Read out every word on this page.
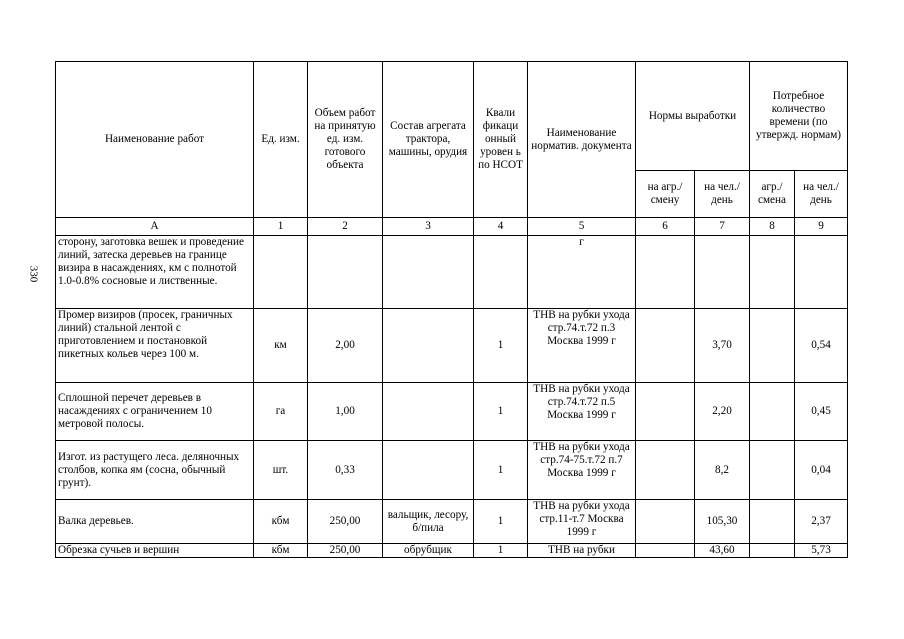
330
Наименование работ	Ед. изм.	Объем работ на принятую ед. изм. готового объекта	Состав агрегата трактора, машины, орудия	Квали фикаци онный уровен ь по НСОТ	Наименование норматив. документа	Нормы выработки		Потребное количество времени (по утвержд. нормам)	
						на агр./ смену	на чел./ день	агр./ смена	на чел./ день
А	1	2	3	4	5	6	7	8	9
сторону, заготовка вешек и проведение линий, затеска деревьев на границе визира в насаждениях, км с полнотой 1.0-0.8% сосновые и лиственные.					г				
Промер визиров (просек, граничных линий) стальной лентой с приготовлением и постановкой пикетных кольев через 100 м.	км	2,00		1	ТНВ на рубки ухода стр.74.т.72 п.3 Москва 1999 г		3,70		0,54
Сплошной перечет деревьев в насаждениях с ограничением 10 метровой полосы.	га	1,00		1	ТНВ на рубки ухода стр.74.т.72 п.5 Москва 1999 г		2,20		0,45
Изгот. из растущего леса. деляночных столбов, копка ям (сосна, обычный грунт).	шт.	0,33		1	ТНВ на рубки ухода стр.74-75.т.72 п.7 Москва 1999 г		8,2		0,04
Валка деревьев.	кбм	250,00	вальщик, лесору, б/пила	1	ТНВ на рубки ухода стр.11-т.7 Москва 1999 г		105,30		2,37
Обрезка сучьев и вершин	кбм	250,00	обрубщик	1	ТНВ на рубки		43,60		5,73
